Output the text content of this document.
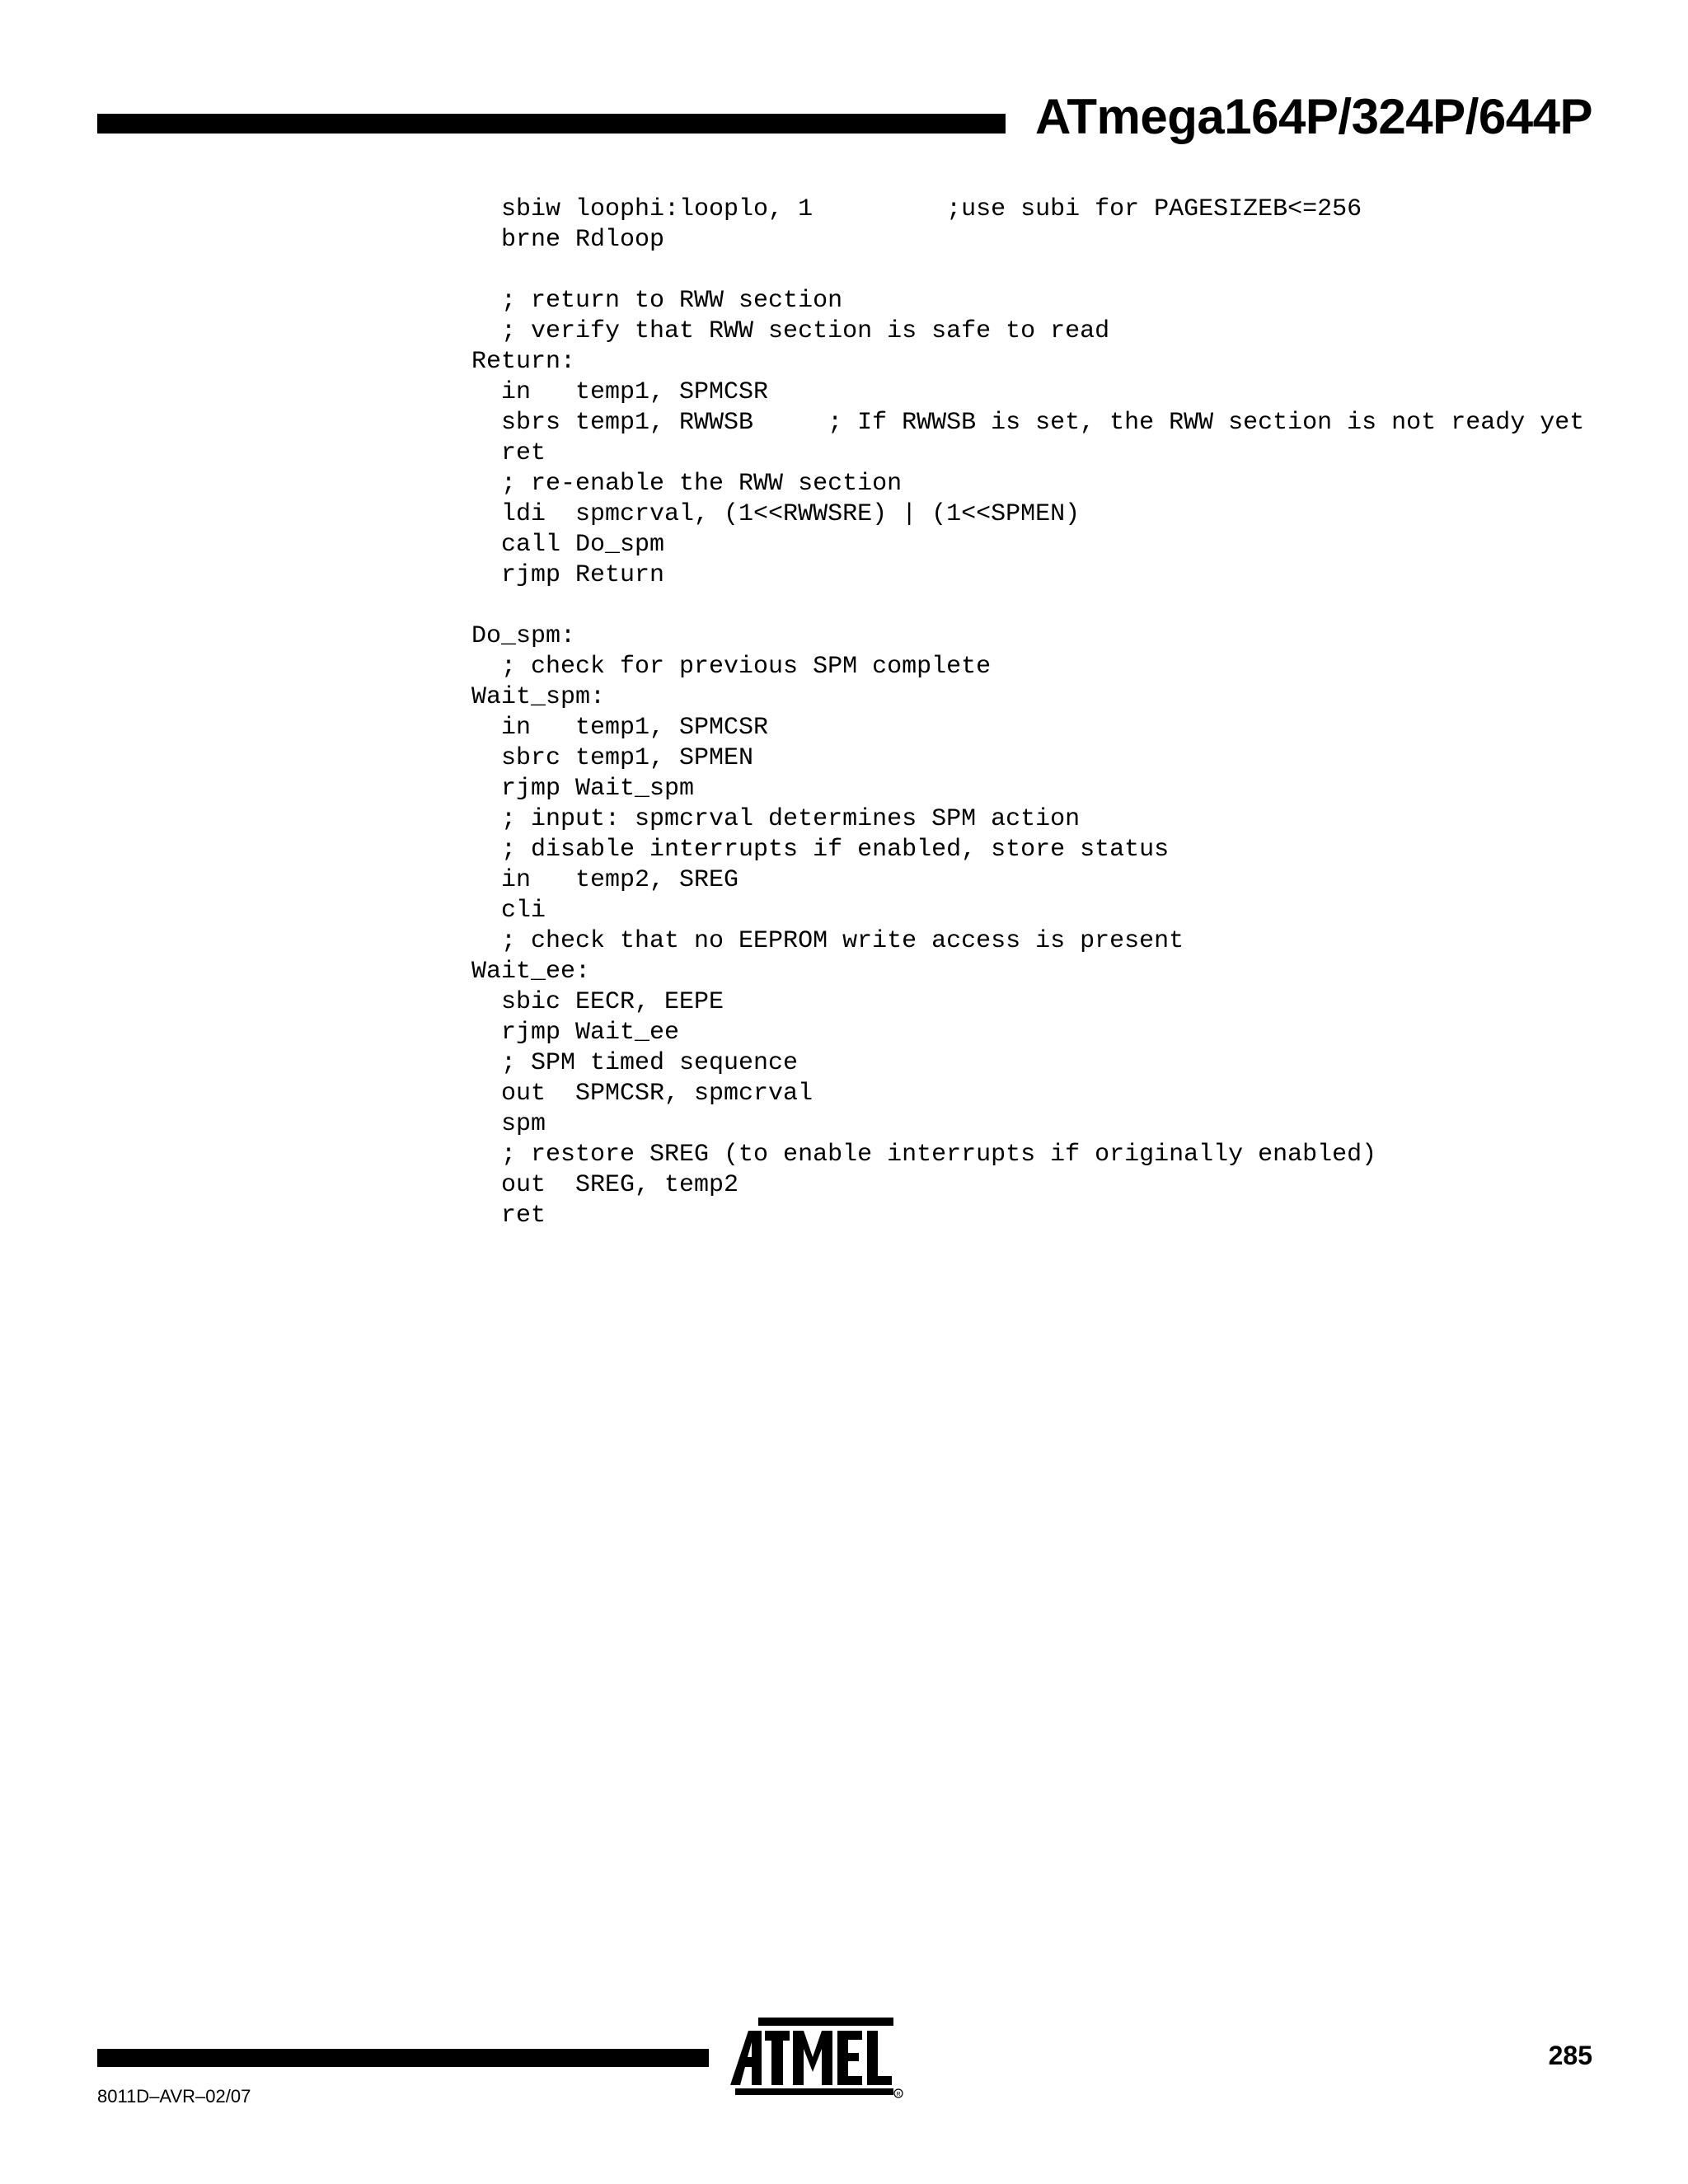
ATmega164P/324P/644P
sbiw loophi:looplo, 1         ;use subi for PAGESIZEB<=256
brne Rdloop

; return to RWW section
; verify that RWW section is safe to read
Return:
in   temp1, SPMCSR
sbrs temp1, RWWSB     ; If RWWSB is set, the RWW section is not ready yet
ret
; re-enable the RWW section
ldi  spmcrval, (1<<RWWSRE) | (1<<SPMEN)
call Do_spm
rjmp Return

Do_spm:
; check for previous SPM complete
Wait_spm:
in   temp1, SPMCSR
sbrc temp1, SPMEN
rjmp Wait_spm
; input: spmcrval determines SPM action
; disable interrupts if enabled, store status
in   temp2, SREG
cli
; check that no EEPROM write access is present
Wait_ee:
sbic EECR, EEPE
rjmp Wait_ee
; SPM timed sequence
out  SPMCSR, spmcrval
spm
; restore SREG (to enable interrupts if originally enabled)
out  SREG, temp2
ret
R
285
8011D–AVR–02/07
